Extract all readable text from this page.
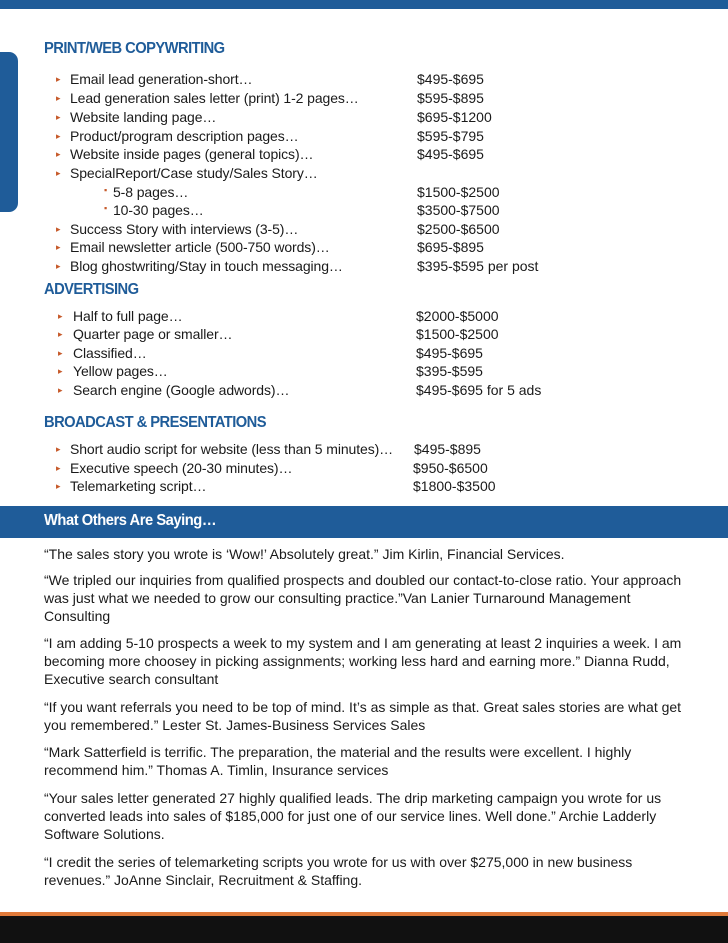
PRINT/WEB COPYWRITING
▸ Email lead generation-short…	$495-$695
▸ Lead generation sales letter (print) 1-2 pages…	$595-$895
▸ Website landing page…	$695-$1200
▸ Product/program description pages…	$595-$795
▸ Website inside pages (general topics)…	$495-$695
▸ SpecialReport/Case study/Sales Story…
▪ 5-8 pages…	$1500-$2500
▪ 10-30 pages…	$3500-$7500
▸ Success Story with interviews (3-5)…	$2500-$6500
▸ Email newsletter article (500-750 words)…	$695-$895
▸ Blog ghostwriting/Stay in touch messaging…	$395-$595 per post
ADVERTISING
▸ Half to full page…	$2000-$5000
▸ Quarter page or smaller…	$1500-$2500
▸ Classified…	$495-$695
▸ Yellow pages…	$395-$595
▸ Search engine (Google adwords)…	$495-$695 for 5 ads
BROADCAST & PRESENTATIONS
▸ Short audio script for website (less than 5 minutes)… $495-$895
▸ Executive speech (20-30 minutes)…	$950-$6500
▸ Telemarketing script…	$1800-$3500
What Others Are Saying…
“The sales story you wrote is ‘Wow!’ Absolutely great.” Jim Kirlin, Financial Services.
“We tripled our inquiries from qualified prospects and doubled our contact-to-close ratio. Your approach was just what we needed to grow our consulting practice.”Van Lanier Turnaround Management Consulting
“I am adding 5-10 prospects a week to my system and I am generating at least 2 inquiries a week. I am becoming more choosey in picking assignments; working less hard and earning more.” Dianna Rudd, Executive search consultant
“If you want referrals you need to be top of mind. It’s as simple as that. Great sales stories are what get you remembered.” Lester St. James-Business Services Sales
“Mark Satterfield is terrific. The preparation, the material and the results were excellent. I highly recommend him.” Thomas A. Timlin, Insurance services
“Your sales letter generated 27 highly qualified leads. The drip marketing campaign you wrote for us converted leads into sales of $185,000 for just one of our service lines. Well done.” Archie Ladderly Software Solutions.
“I credit the series of telemarketing scripts you wrote for us with over $275,000 in new business revenues.” JoAnne Sinclair, Recruitment & Staffing.
